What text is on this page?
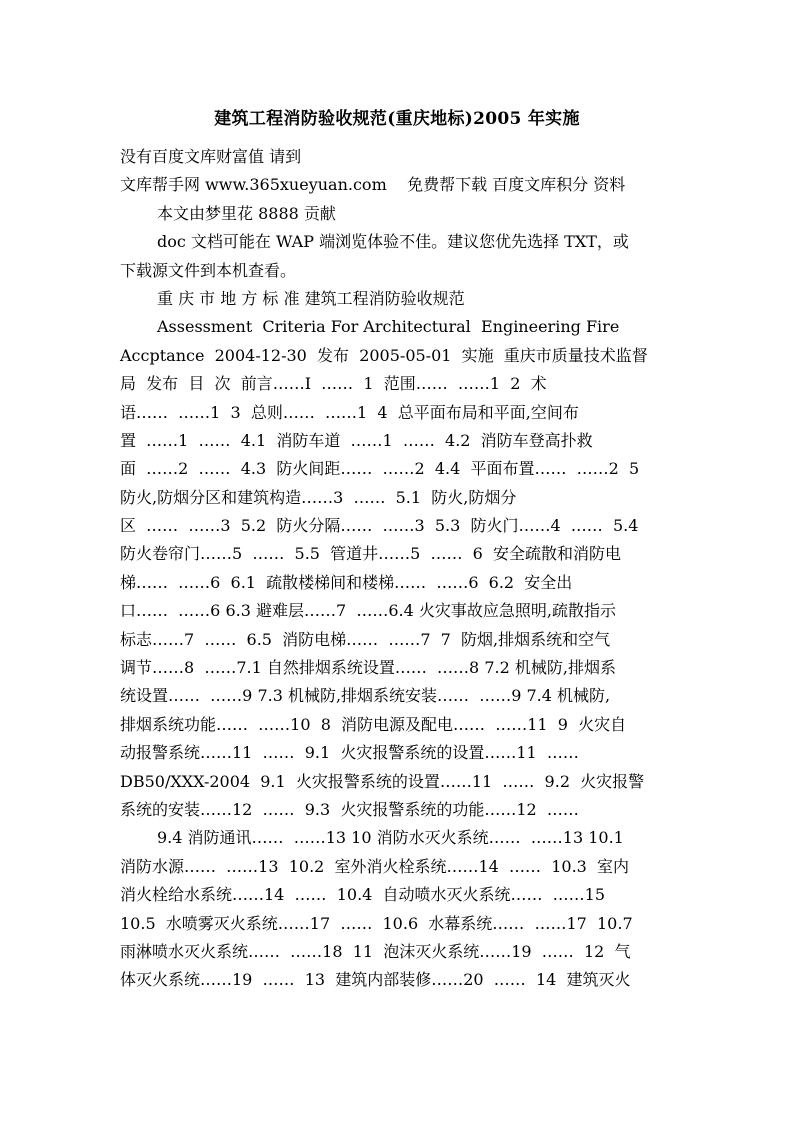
建筑工程消防验收规范(重庆地标)2005 年实施
没有百度文库财富值 请到
文库帮手网 www.365xueyuan.com    免费帮下载 百度文库积分 资料
本文由梦里花 8888 贡献
doc 文档可能在 WAP 端浏览体验不佳。建议您优先选择 TXT，或
下载源文件到本机查看。
重 庆 市 地 方 标 准 建筑工程消防验收规范
Assessment  Criteria For Architectural  Engineering Fire
Accptance  2004-12-30  发布  2005-05-01  实施  重庆市质量技术监督
局  发布  目  次  前言……I  ……  1  范围……  ……1  2  术
语……  ……1  3  总则……  ……1  4  总平面布局和平面,空间布
置  ……1  ……  4.1  消防车道  ……1  ……  4.2  消防车登高扑救
面  ……2  ……  4.3  防火间距……  ……2  4.4  平面布置……  ……2  5
防火,防烟分区和建筑构造……3  ……  5.1  防火,防烟分
区  ……  ……3  5.2  防火分隔……  ……3  5.3  防火门……4  ……  5.4
防火卷帘门……5  ……  5.5  管道井……5  ……  6  安全疏散和消防电
梯……  ……6  6.1  疏散楼梯间和楼梯……  ……6  6.2  安全出
口……  ……6 6.3 避难层……7  ……6.4 火灾事故应急照明,疏散指示
标志……7  ……  6.5  消防电梯……  ……7  7  防烟,排烟系统和空气
调节……8  ……7.1 自然排烟系统设置……  ……8 7.2 机械防,排烟系
统设置……  ……9 7.3 机械防,排烟系统安装……  ……9 7.4 机械防,
排烟系统功能……  ……10  8  消防电源及配电……  ……11  9  火灾自
动报警系统……11  ……  9.1  火灾报警系统的设置……11  ……
DB50/XXX-2004  9.1  火灾报警系统的设置……11  ……  9.2  火灾报警
系统的安装……12  ……  9.3  火灾报警系统的功能……12  ……
9.4 消防通讯……  ……13 10 消防水灭火系统……  ……13 10.1
消防水源……  ……13  10.2  室外消火栓系统……14  ……  10.3  室内
消火栓给水系统……14  ……  10.4  自动喷水灭火系统……  ……15
10.5  水喷雾灭火系统……17  ……  10.6  水幕系统……  ……17  10.7
雨淋喷水灭火系统……  ……18  11  泡沫灭火系统……19  ……  12  气
体灭火系统……19  ……  13  建筑内部装修……20  ……  14  建筑灭火
